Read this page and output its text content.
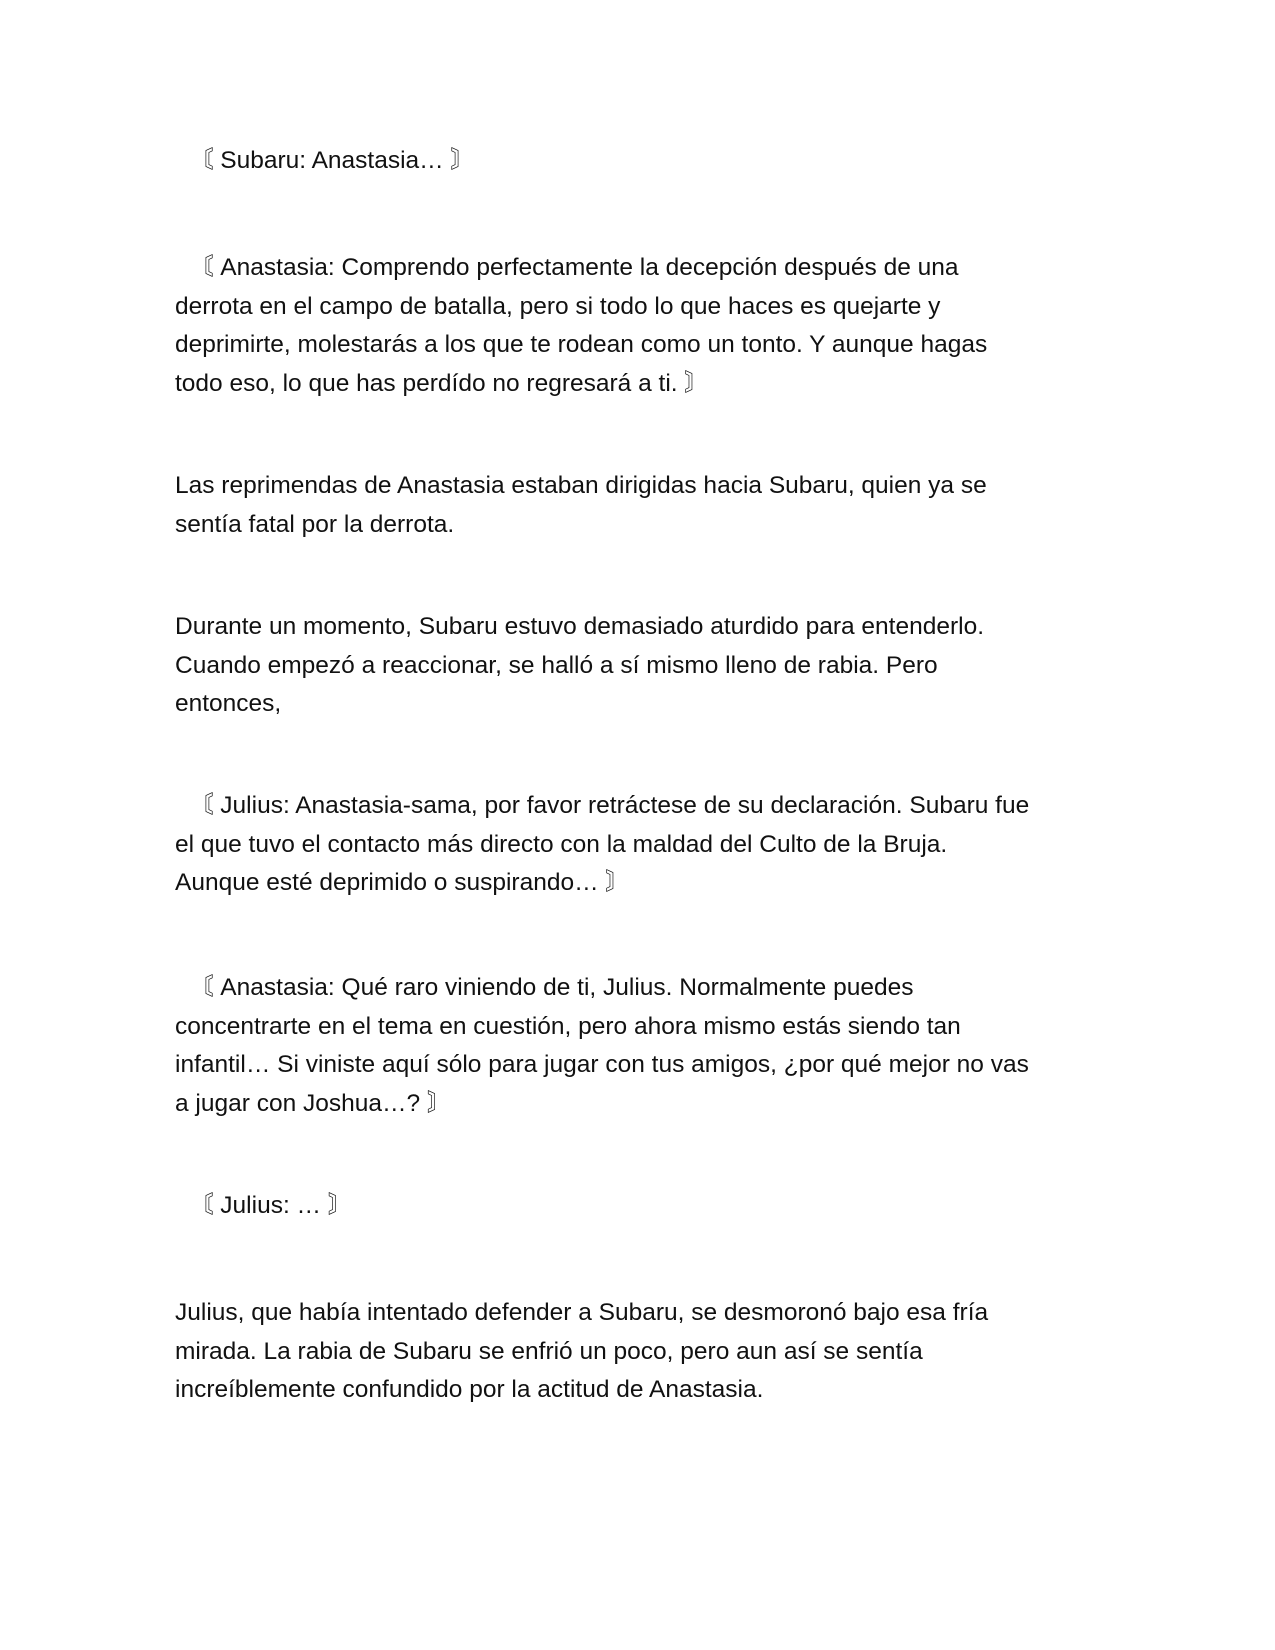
〘 Subaru: Anastasia… 〙

〘 Anastasia: Comprendo perfectamente la decepción después de una
derrota en el campo de batalla, pero si todo lo que haces es quejarte y
deprimirte, molestarás a los que te rodean como un tonto. Y aunque hagas
todo eso, lo que has perdído no regresará a ti. 〙

Las reprimendas de Anastasia estaban dirigidas hacia Subaru, quien ya se
sentía fatal por la derrota.

Durante un momento, Subaru estuvo demasiado aturdido para entenderlo.
Cuando empezó a reaccionar, se halló a sí mismo lleno de rabia. Pero
entonces,

〘 Julius: Anastasia-sama, por favor retráctese de su declaración. Subaru fue
el que tuvo el contacto más directo con la maldad del Culto de la Bruja.
Aunque esté deprimido o suspirando… 〙

〘 Anastasia: Qué raro viniendo de ti, Julius. Normalmente puedes
concentrarte en el tema en cuestión, pero ahora mismo estás siendo tan
infantil… Si viniste aquí sólo para jugar con tus amigos, ¿por qué mejor no vas
a jugar con Joshua…? 〙

〘 Julius: … 〙

Julius, que había intentado defender a Subaru, se desmoronó bajo esa fría
mirada. La rabia de Subaru se enfrió un poco, pero aun así se sentía
increíblemente confundido por la actitud de Anastasia.
